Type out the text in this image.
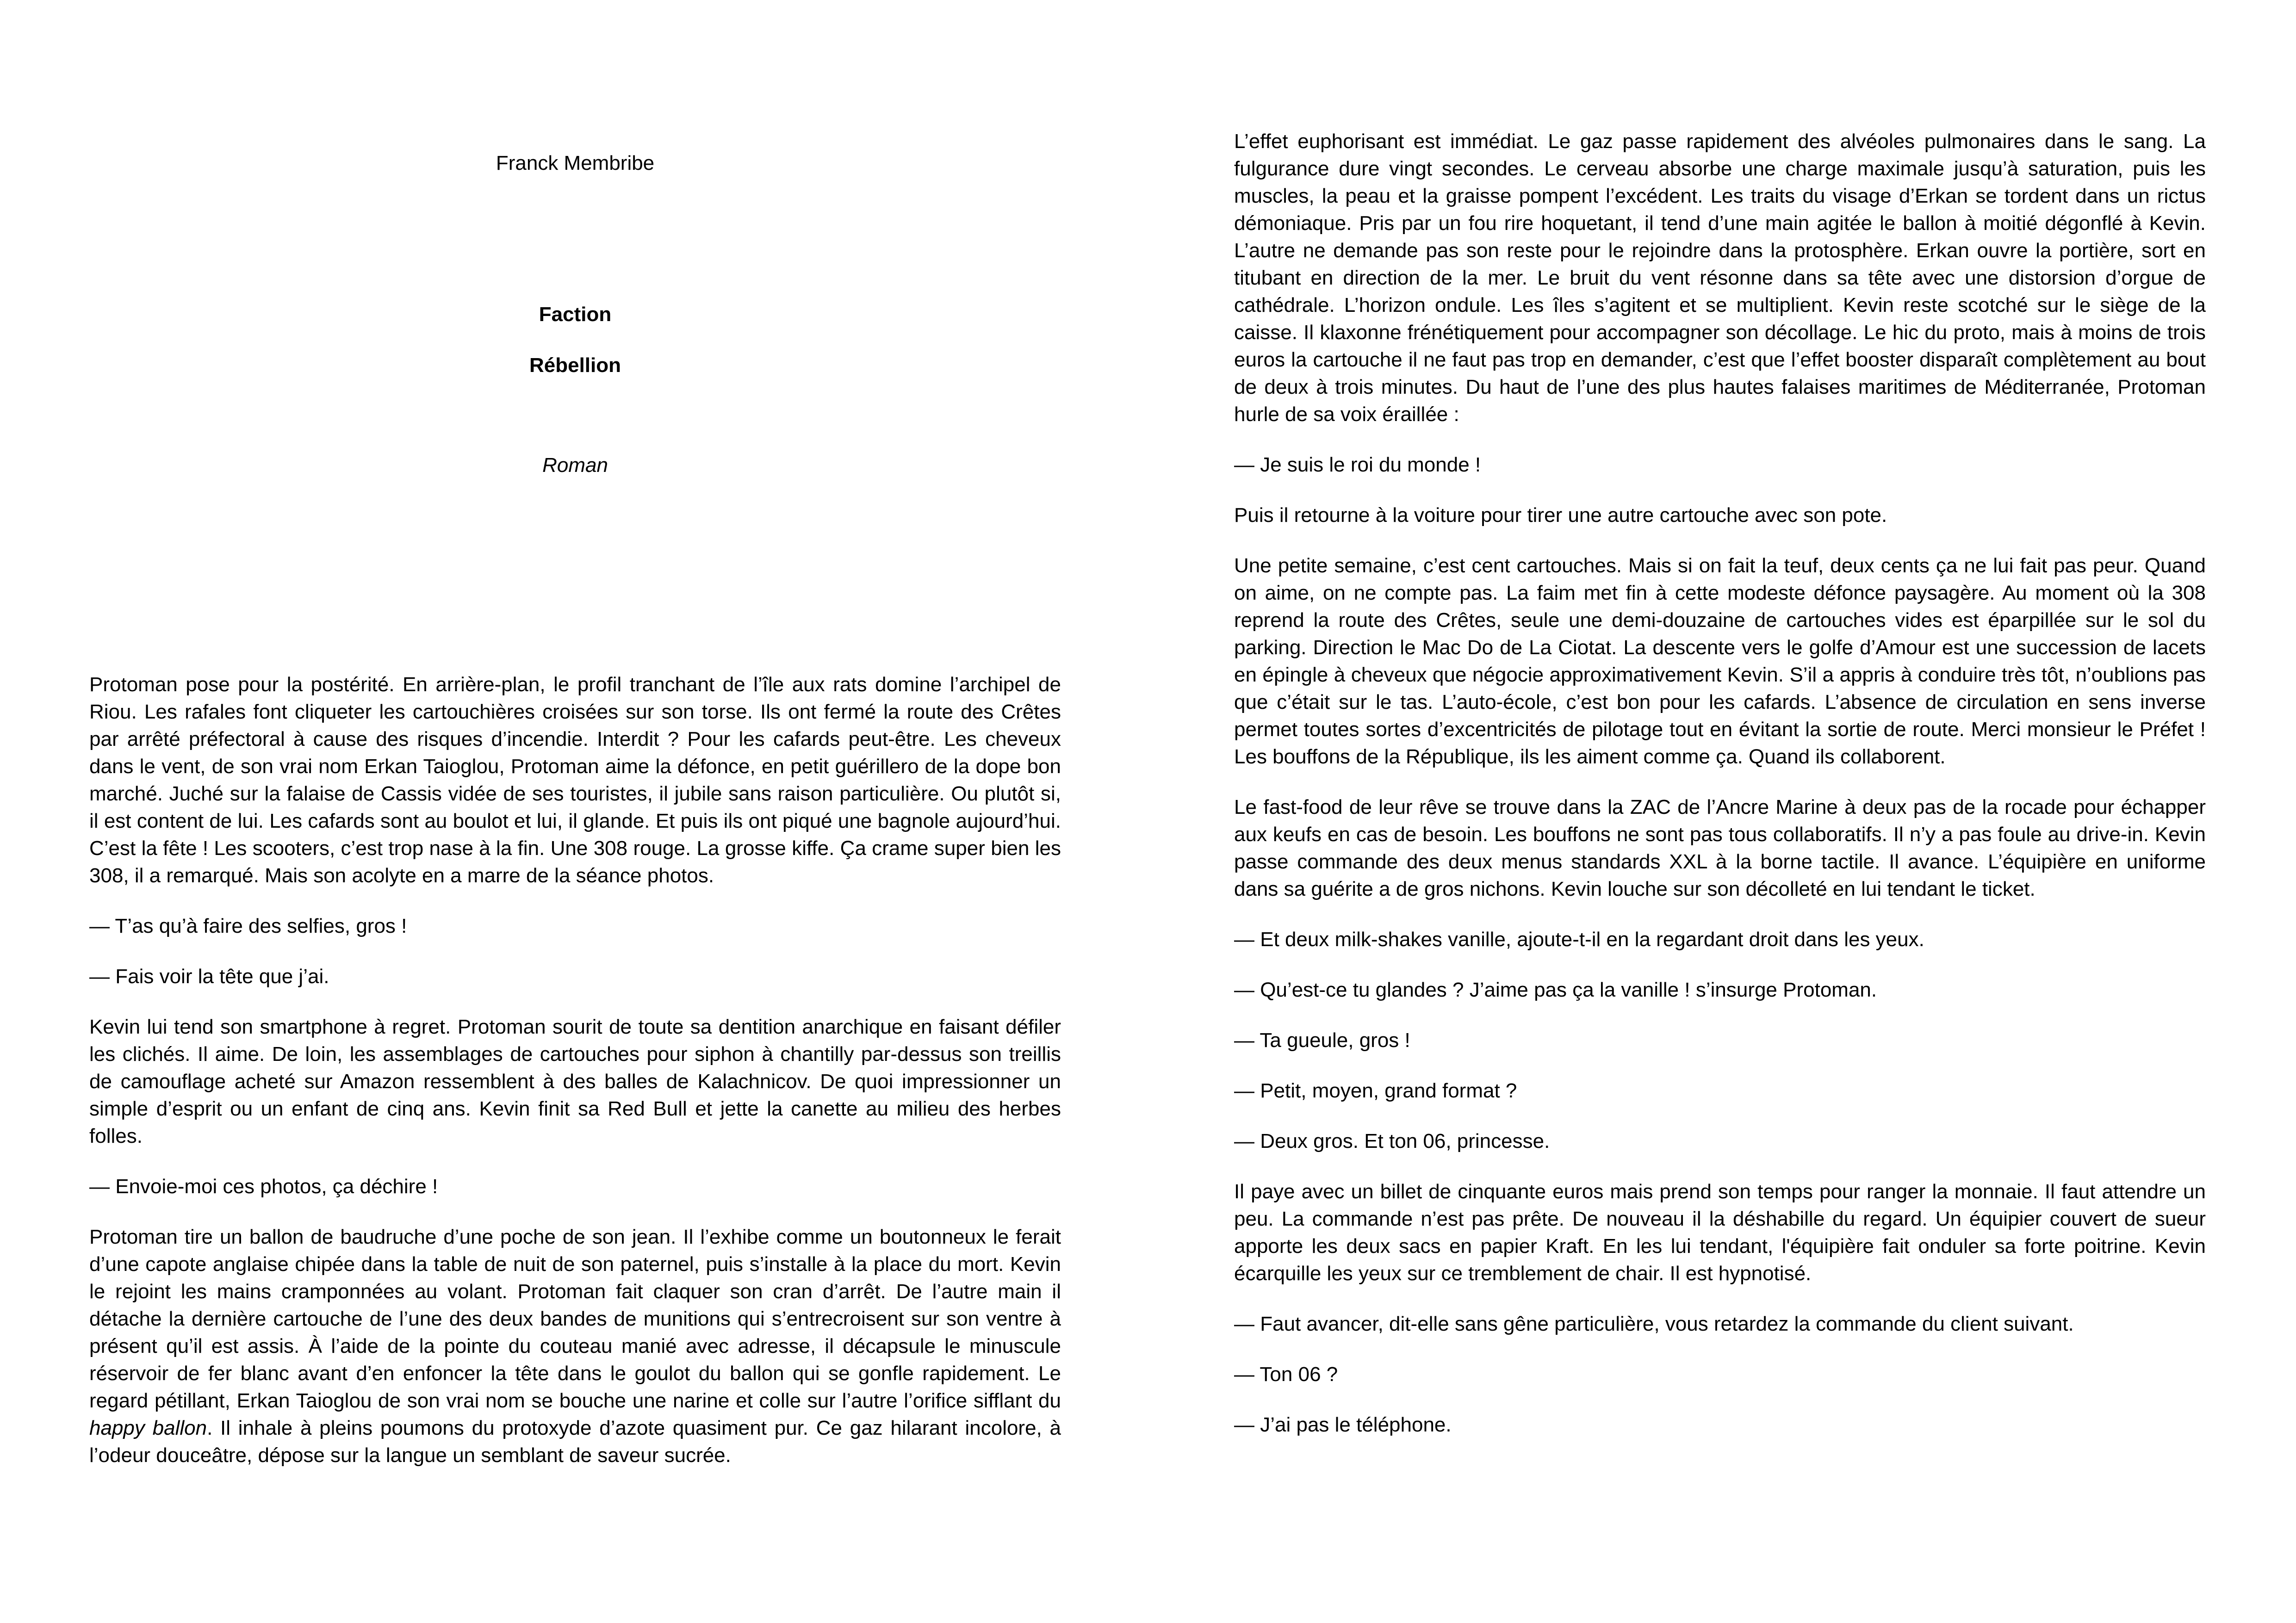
Franck Membribe

Faction

Rébellion

Roman

Protoman pose pour la postérité. En arrière-plan, le profil tranchant de l’île aux rats domine l’archipel de Riou. Les rafales font cliqueter les cartouchières croisées sur son torse. Ils ont fermé la route des Crêtes par arrêté préfectoral à cause des risques d’incendie. Interdit ? Pour les cafards peut-être. Les cheveux dans le vent, de son vrai nom Erkan Taioglou, Protoman aime la défonce, en petit guérillero de la dope bon marché. Juché sur la falaise de Cassis vidée de ses touristes, il jubile sans raison particulière. Ou plutôt si, il est content de lui. Les cafards sont au boulot et lui, il glande. Et puis ils ont piqué une bagnole aujourd’hui. C’est la fête ! Les scooters, c’est trop nase à la fin. Une 308 rouge. La grosse kiffe. Ça crame super bien les 308, il a remarqué. Mais son acolyte en a marre de la séance photos.

— T’as qu’à faire des selfies, gros !

— Fais voir la tête que j’ai.

Kevin lui tend son smartphone à regret. Protoman sourit de toute sa dentition anarchique en faisant défiler les clichés. Il aime. De loin, les assemblages de cartouches pour siphon à chantilly par-dessus son treillis de camouflage acheté sur Amazon ressemblent à des balles de Kalachnicov. De quoi impressionner un simple d’esprit ou un enfant de cinq ans. Kevin finit sa Red Bull et jette la canette au milieu des herbes folles.

— Envoie-moi ces photos, ça déchire !

Protoman tire un ballon de baudruche d’une poche de son jean. Il l’exhibe comme un boutonneux le ferait d’une capote anglaise chipée dans la table de nuit de son paternel, puis s’installe à la place du mort. Kevin le rejoint les mains cramponnées au volant. Protoman fait claquer son cran d’arrêt. De l’autre main il détache la dernière cartouche de l’une des deux bandes de munitions qui s’entrecroisent sur son ventre à présent qu’il est assis. À l’aide de la pointe du couteau manié avec adresse, il décapsule le minuscule réservoir de fer blanc avant d’en enfoncer la tête dans le goulot du ballon qui se gonfle rapidement. Le regard pétillant, Erkan Taioglou de son vrai nom se bouche une narine et colle sur l’autre l’orifice sifflant du happy ballon. Il inhale à pleins poumons du protoxyde d’azote quasiment pur. Ce gaz hilarant incolore, à l’odeur douceâtre, dépose sur la langue un semblant de saveur sucrée.

L’effet euphorisant est immédiat. Le gaz passe rapidement des alvéoles pulmonaires dans le sang. La fulgurance dure vingt secondes. Le cerveau absorbe une charge maximale jusqu’à saturation, puis les muscles, la peau et la graisse pompent l’excédent. Les traits du visage d’Erkan se tordent dans un rictus démoniaque. Pris par un fou rire hoquetant, il tend d’une main agitée le ballon à moitié dégonflé à Kevin. L’autre ne demande pas son reste pour le rejoindre dans la protosphère. Erkan ouvre la portière, sort en titubant en direction de la mer. Le bruit du vent résonne dans sa tête avec une distorsion d’orgue de cathédrale. L’horizon ondule. Les îles s’agitent et se multiplient. Kevin reste scotché sur le siège de la caisse. Il klaxonne frénétiquement pour accompagner son décollage. Le hic du proto, mais à moins de trois euros la cartouche il ne faut pas trop en demander, c’est que l’effet booster disparaît complètement au bout de deux à trois minutes. Du haut de l’une des plus hautes falaises maritimes de Méditerranée, Protoman hurle de sa voix éraillée :

— Je suis le roi du monde !

Puis il retourne à la voiture pour tirer une autre cartouche avec son pote.

Une petite semaine, c’est cent cartouches. Mais si on fait la teuf, deux cents ça ne lui fait pas peur. Quand on aime, on ne compte pas. La faim met fin à cette modeste défonce paysagère. Au moment où la 308 reprend la route des Crêtes, seule une demi-douzaine de cartouches vides est éparpillée sur le sol du parking. Direction le Mac Do de La Ciotat. La descente vers le golfe d’Amour est une succession de lacets en épingle à cheveux que négocie approximativement Kevin. S’il a appris à conduire très tôt, n’oublions pas que c’était sur le tas. L’auto-école, c’est bon pour les cafards. L’absence de circulation en sens inverse permet toutes sortes d’excentricités de pilotage tout en évitant la sortie de route. Merci monsieur le Préfet ! Les bouffons de la République, ils les aiment comme ça. Quand ils collaborent.

Le fast-food de leur rêve se trouve dans la ZAC de l’Ancre Marine à deux pas de la rocade pour échapper aux keufs en cas de besoin. Les bouffons ne sont pas tous collaboratifs. Il n’y a pas foule au drive-in. Kevin passe commande des deux menus standards XXL à la borne tactile. Il avance. L’équipière en uniforme dans sa guérite a de gros nichons. Kevin louche sur son décolleté en lui tendant le ticket.

— Et deux milk-shakes vanille, ajoute-t-il en la regardant droit dans les yeux.

— Qu’est-ce tu glandes ? J’aime pas ça la vanille ! s’insurge Protoman.

— Ta gueule, gros !

— Petit, moyen, grand format ?

— Deux gros. Et ton 06, princesse.

Il paye avec un billet de cinquante euros mais prend son temps pour ranger la monnaie. Il faut attendre un peu. La commande n’est pas prête. De nouveau il la déshabille du regard. Un équipier couvert de sueur apporte les deux sacs en papier Kraft. En les lui tendant, l'équipière fait onduler sa forte poitrine. Kevin écarquille les yeux sur ce tremblement de chair. Il est hypnotisé.

— Faut avancer, dit-elle sans gêne particulière, vous retardez la commande du client suivant.

— Ton 06 ?

— J’ai pas le téléphone.
